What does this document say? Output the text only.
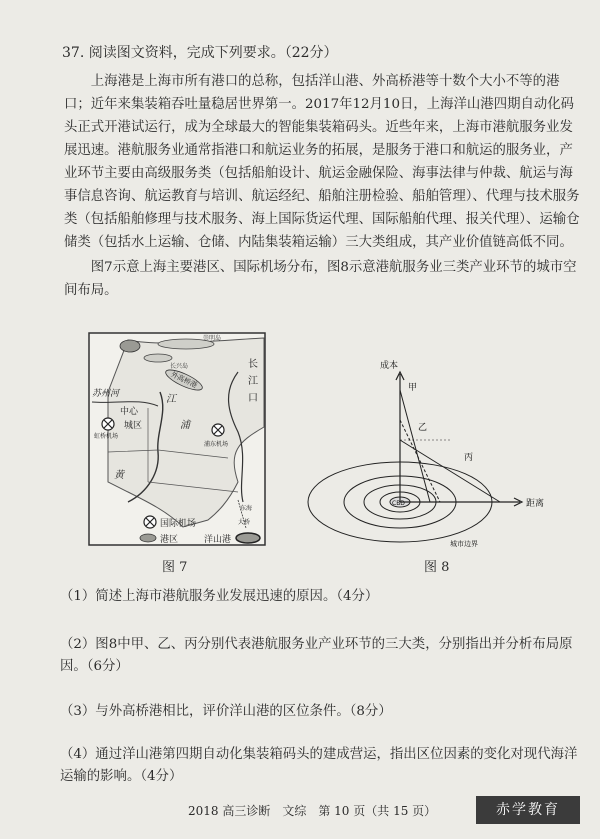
37. 阅读图文资料，完成下列要求。（22分）
上海港是上海市所有港口的总称，包括洋山港、外高桥港等十数个大小不等的港口；近年来集装箱吞吐量稳居世界第一。2017年12月10日，上海洋山港四期自动化码头正式开港试运行，成为全球最大的智能集装箱码头。近些年来，上海市港航服务业发展迅速。港航服务业通常指港口和航运业务的拓展，是服务于港口和航运的服务业，产业环节主要由高级服务类（包括船舶设计、航运金融保险、海事法律与仲裁、航运与海事信息咨询、航运教育与培训、航运经纪、船舶注册检验、船舶管理）、代理与技术服务类（包括船舶修理与技术服务、海上国际货运代理、国际船舶代理、报关代理）、运输仓储类（包括水上运输、仓储、内陆集装箱运输）三大类组成，其产业价值链高低不同。
图7示意上海主要港区、国际机场分布，图8示意港航服务业三类产业环节的城市空间布局。
崇明岛
长兴岛	长
江
口
外高桥港
苏州河	江
浦
黄
中心
城区
虹桥机场
浦东机场
东海
大桥
国际机场
港区	洋山港
CBD
成本
距离
甲
乙
丙
城市边界
图 7	图 8
（1）简述上海市港航服务业发展迅速的原因。（4分）
（2）图8中甲、乙、丙分别代表港航服务业产业环节的三大类，分别指出并分析布局原因。（6分）
（3）与外高桥港相比，评价洋山港的区位条件。（8分）
（4）通过洋山港第四期自动化集装箱码头的建成营运，指出区位因素的变化对现代海洋运输的影响。（4分）
2018 高三诊断　文综　第 10 页（共 15 页）	赤学教育
